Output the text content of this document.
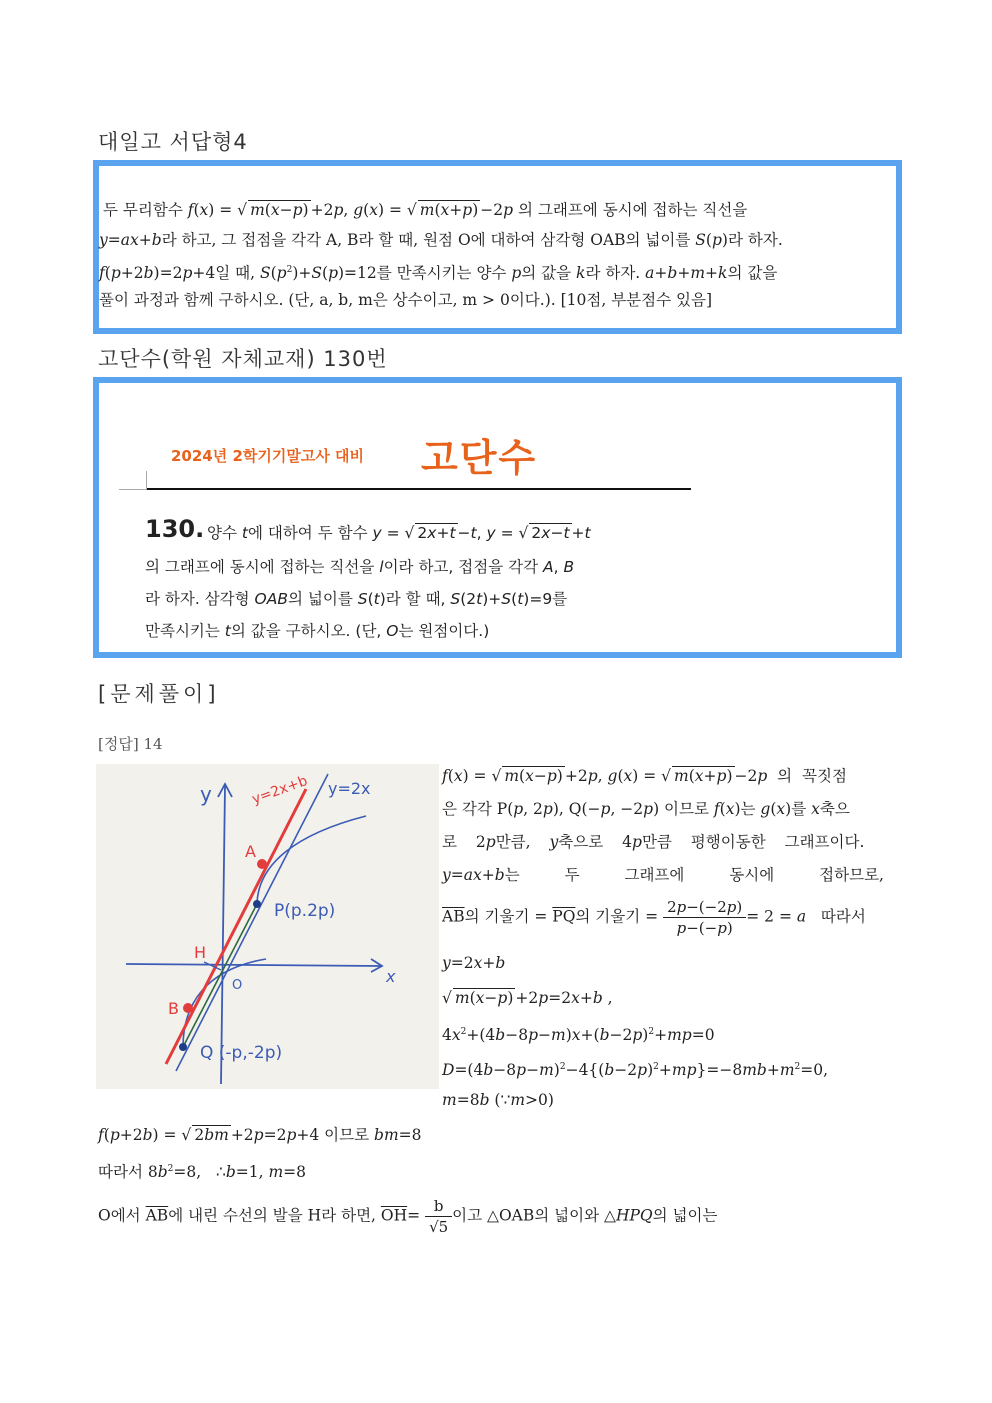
대일고 서답형4
두 무리함수 f(x) = √ m(x−p) +2p, g(x) = √ m(x+p) −2p 의 그래프에 동시에 접하는 직선을
y=ax+b라 하고, 그 접점을 각각 A, B라 할 때, 원점 O에 대하여 삼각형 OAB의 넓이를 S(p)라 하자.
f(p+2b)=2p+4일 때, $S(p^2)+S(p)=12$를 만족시키는 양수 p의 값을 k라 하자. a+b+m+k의 값을
풀이 과정과 함께 구하시오. (단, a, b, m은 상수이고, m > 0이다.). [10점, 부분점수 있음]
고단수(학원 자체교재) 130번
2024년 2학기기말고사 대비 고단수
130. 양수 t에 대하여 두 함수 y = √ 2x+t −t, y = √ 2x−t +t
의 그래프에 동시에 접하는 직선을 l이라 하고, 접점을 각각 A, B
라 하자. 삼각형 OAB의 넓이를 S(t)라 할 때, S(2t)+S(t)=9를
만족시키는 t의 값을 구하시오. (단, O는 원점이다.)
[문제풀이]
[정답] 14
y
x
O
y=2x+b y=2x
A
B
H
P(p.2p)
Q (-p,-2p)
f(x) = √ m(x−p) +2p, g(x) = √ m(x+p) −2p  의  꼭짓점
은 각각 P(p, 2p), Q(−p, −2p) 이므로 f(x)는 g(x)를 x축으
로 2p만큼, y축으로 4p만큼 평행이동한 그래프이다.
y=ax+b는 두 그래프에 동시에 접하므로,
$\overline{AB}$의 기울기 = $\overline{PQ}$의 기울기 = $\frac{2p-(-2p)}{p-(-p)} = 2 = a$   따라서
y=2x+b
√ m(x−p) +2p=2x+b ,
$4x^2+(4b-8p-m)x+(b-2p)^2+mp=0$
$D=(4b-8p-m)^2-4\{(b-2p)^2+mp\}=-8mb+m^2=0$,
m=8b (∵m>0)
f(p+2b) = √ 2bm +2p=2p+4 이므로 bm=8
따라서 $8b^2=8$,   ∴b=1, m=8
O에서 $\overline{AB}$에 내린 수선의 발을 H라 하면, $\overline{OH}= \frac{b}{√5}$ 이고 △OAB의 넓이와 △HPQ의 넓이는
